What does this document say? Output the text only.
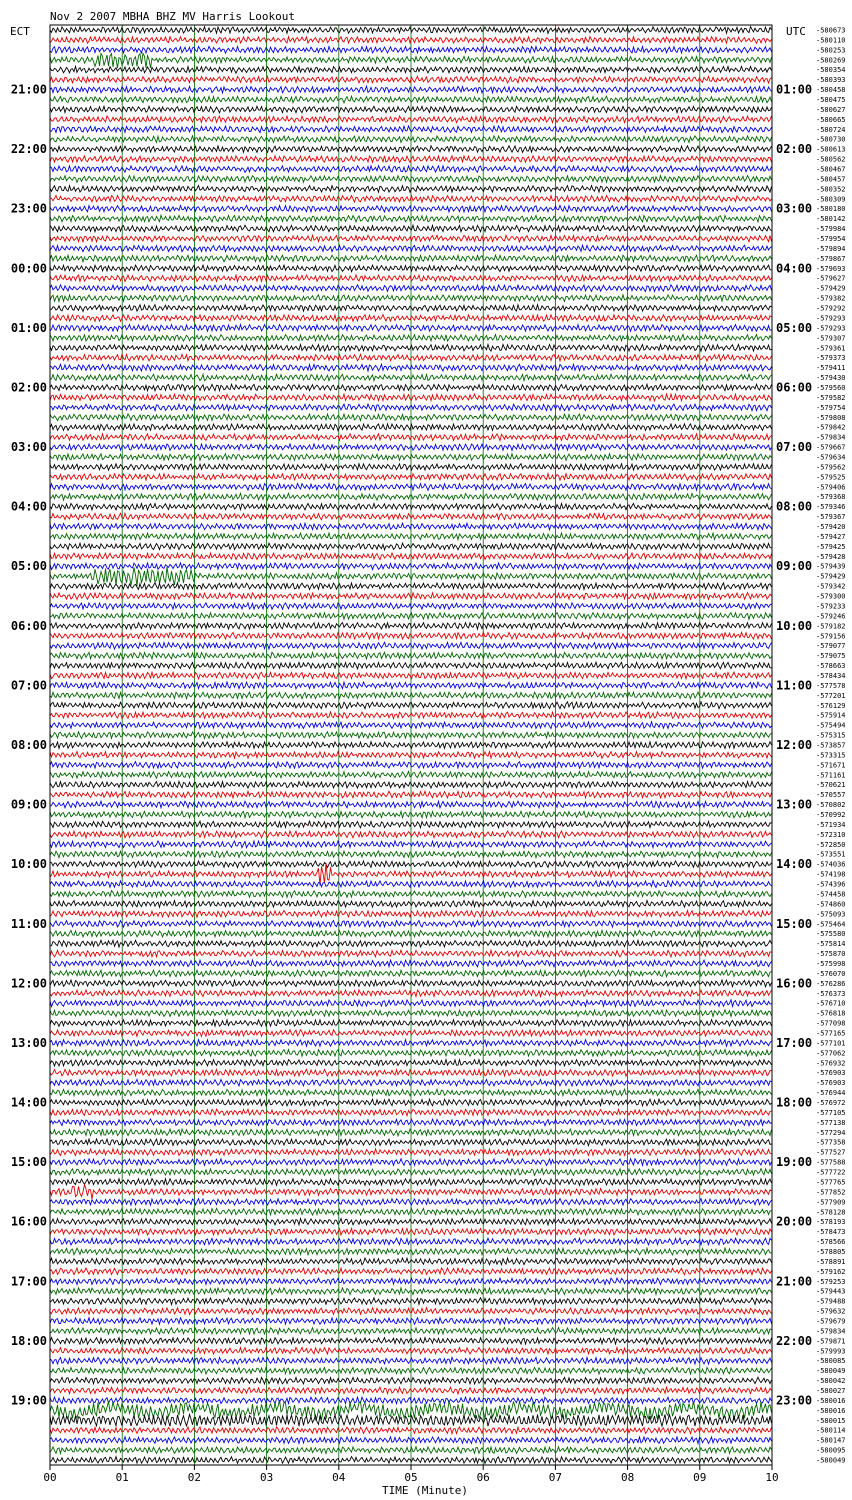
Nov 2 2007 MBHA BHZ MV Harris Lookout
ECT	UTC
TIME (Minute)
21:00
22:00
23:00
00:00
01:00
02:00
03:00
04:00
05:00
06:00
07:00
08:00
09:00
10:00
11:00
12:00
13:00
14:00
15:00
16:00
17:00
18:00
19:00
01:00
02:00
03:00
04:00
05:00
06:00
07:00
08:00
09:00
10:00
11:00
12:00
13:00
14:00
15:00
16:00
17:00
18:00
19:00
20:00
21:00
22:00
23:00
-580673
-580110
-580253
-580269
-580354
-580393
-580458
-580475
-580627
-580665
-580724
-580730
-580613
-580562
-580467
-580457
-580352
-580309
-580180
-580142
-579984
-579954
-579894
-579867
-579693
-579627
-579429
-579382
-579292
-579293
-579293
-579307
-579361
-579373
-579411
-579430
-579560
-579582
-579754
-579808
-579842
-579834
-579667
-579634
-579562
-579525
-579406
-579368
-579346
-579367
-579420
-579427
-579425
-579428
-579439
-579429
-579342
-579300
-579233
-579246
-579182
-579156
-579077
-579075
-578663
-578434
-577578
-577201
-576129
-575914
-575494
-575315
-573857
-573315
-571671
-571161
-570621
-570557
-570802
-570992
-571934
-572310
-572850
-573551
-574036
-574198
-574396
-574458
-574860
-575093
-575464
-575580
-575814
-575870
-575998
-576070
-576286
-576373
-576710
-576818
-577098
-577165
-577101
-577062
-576932
-576903
-576903
-576944
-576972
-577105
-577138
-577294
-577358
-577527
-577588
-577722
-577765
-577852
-577909
-578128
-578193
-578473
-578566
-578805
-578891
-579162
-579253
-579443
-579488
-579632
-579679
-579834
-579871
-579993
-580085
-580049
-580042
-580027
-580016
-580016
-580015
-580114
-580147
-580095
-580049
00	01	02	03	04	05	06	07	08	09	10
